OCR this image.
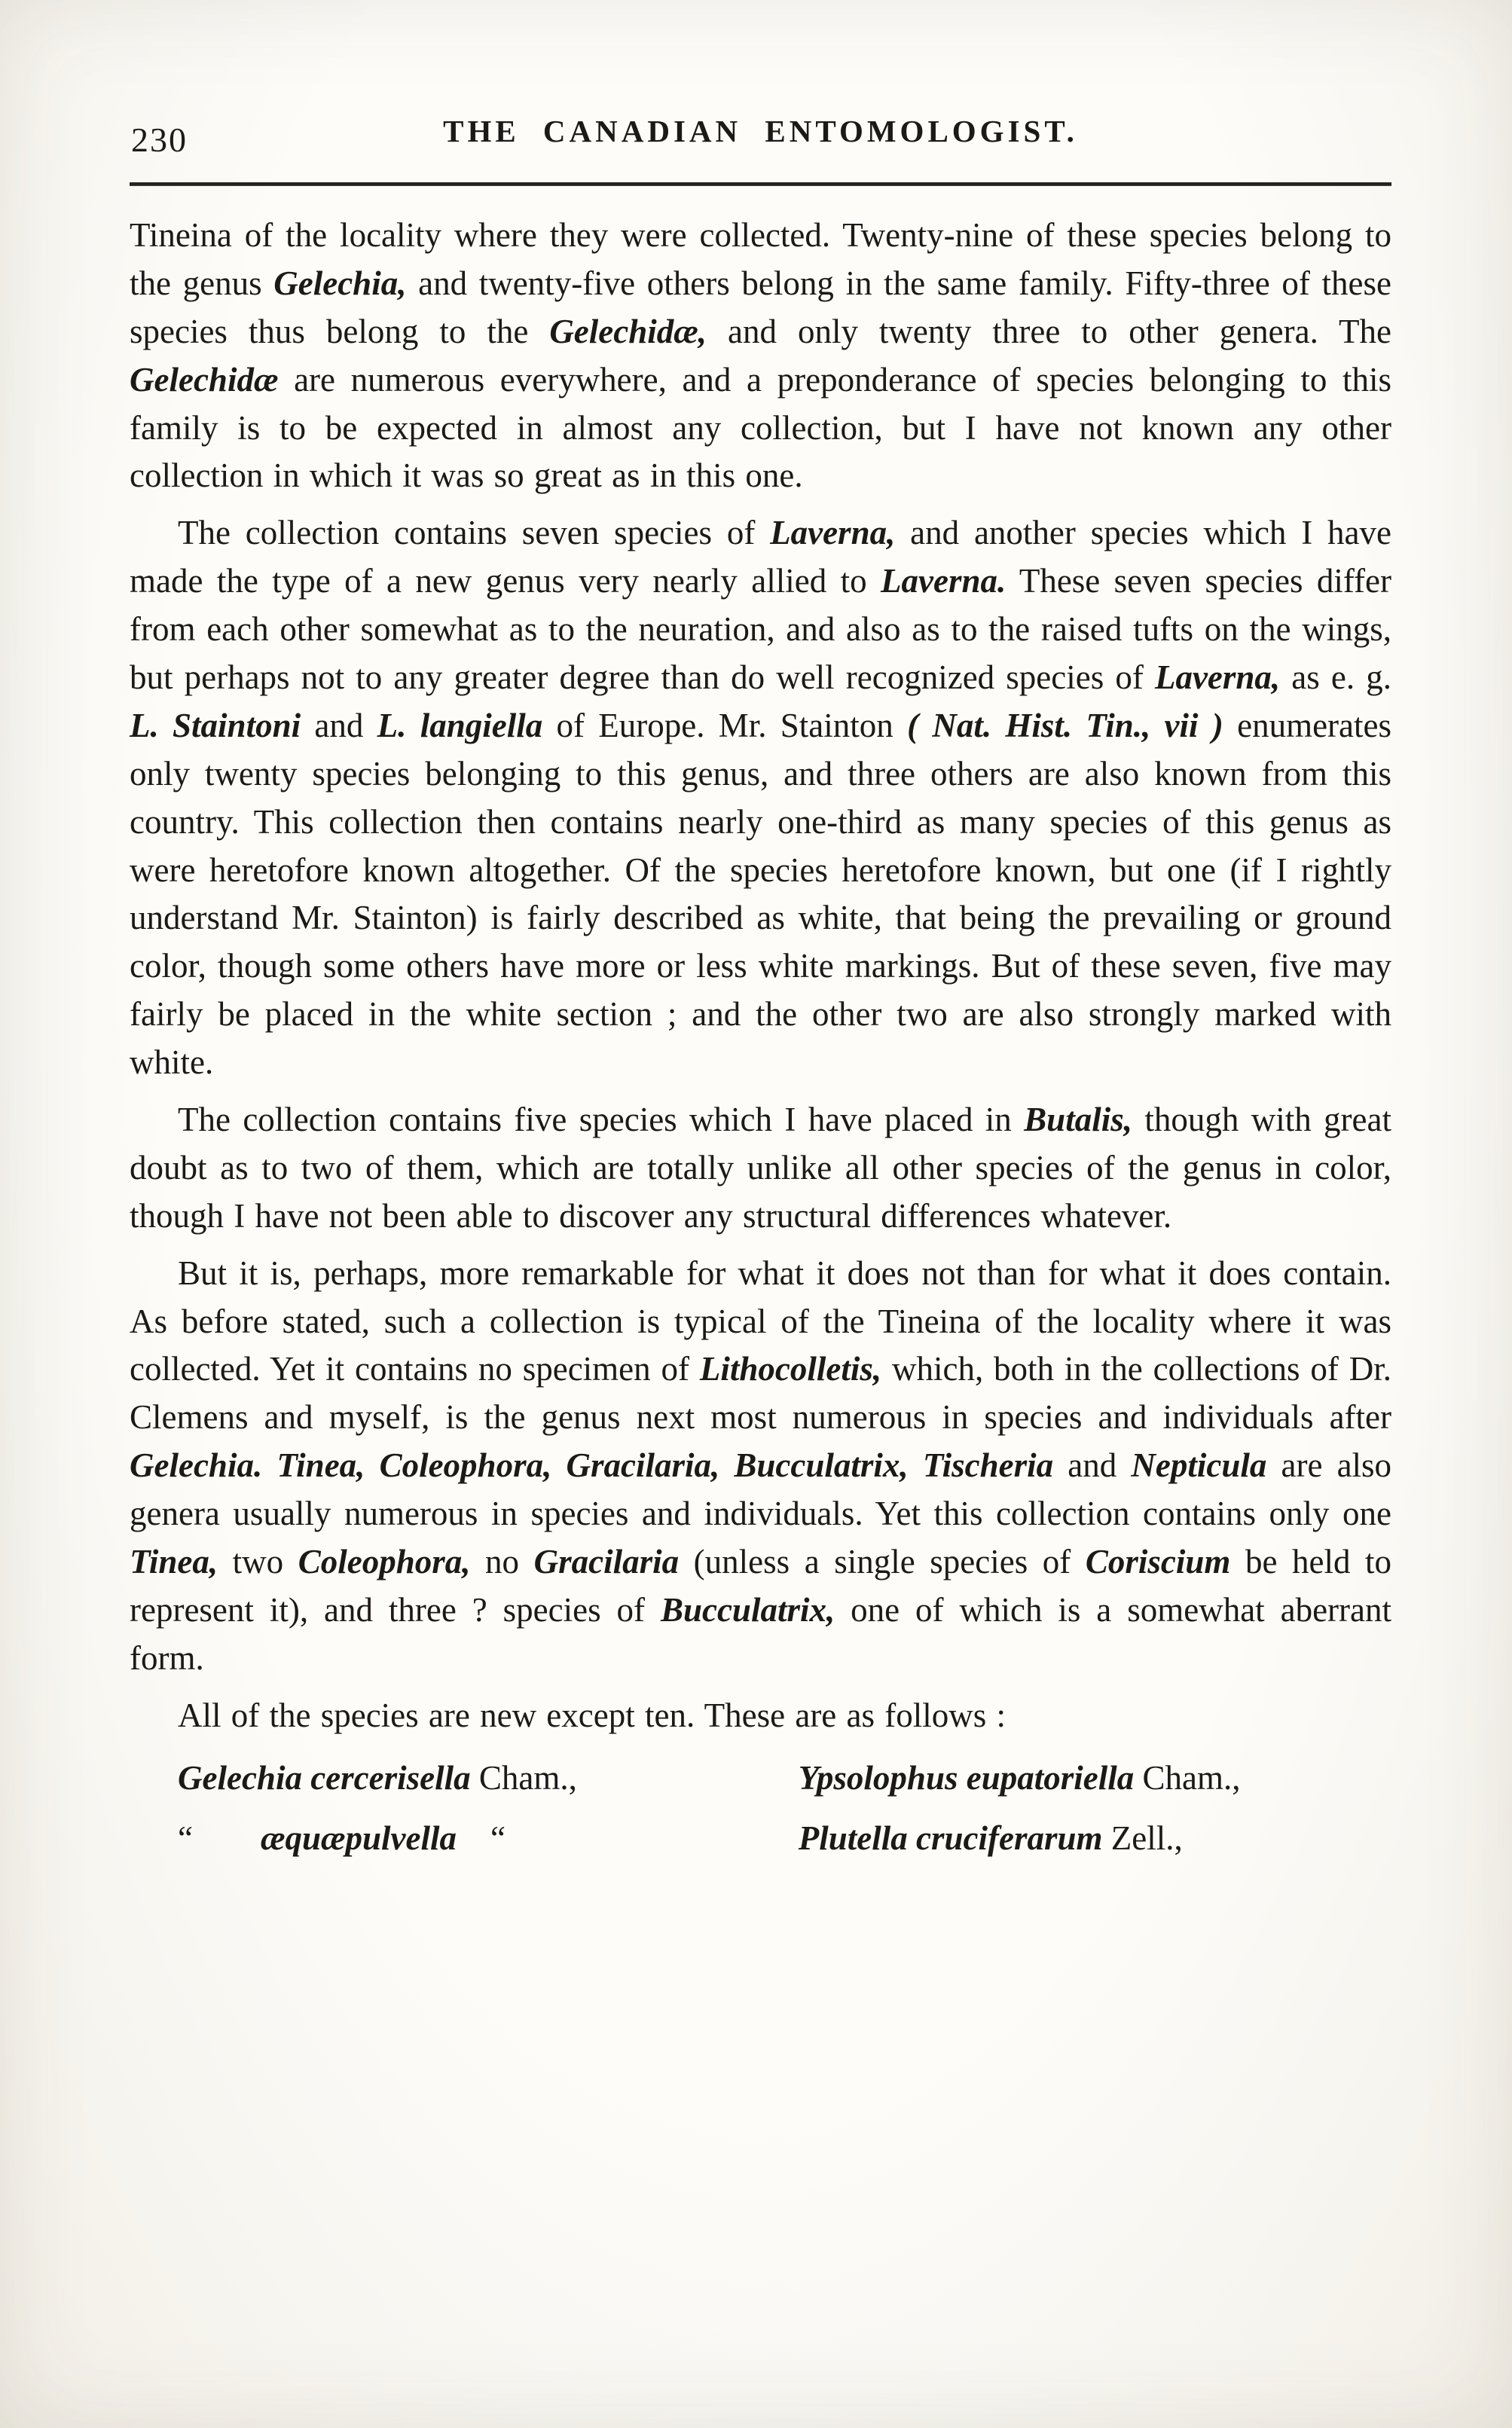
230	THE CANADIAN ENTOMOLOGIST.

Tineina of the locality where they were collected. Twenty-nine of these species belong to the genus Gelechia, and twenty-five others belong in the same family. Fifty-three of these species thus belong to the Gelechidæ, and only twenty three to other genera. The Gelechidæ are numerous everywhere, and a preponderance of species belonging to this family is to be expected in almost any collection, but I have not known any other collection in which it was so great as in this one.

The collection contains seven species of Laverna, and another species which I have made the type of a new genus very nearly allied to Laverna. These seven species differ from each other somewhat as to the neuration, and also as to the raised tufts on the wings, but perhaps not to any greater degree than do well recognized species of Laverna, as e. g. L. Staintoni and L. langiella of Europe. Mr. Stainton ( Nat. Hist. Tin., vii ) enumerates only twenty species belonging to this genus, and three others are also known from this country. This collection then contains nearly one-third as many species of this genus as were heretofore known altogether. Of the species heretofore known, but one (if I rightly understand Mr. Stainton) is fairly described as white, that being the prevailing or ground color, though some others have more or less white markings. But of these seven, five may fairly be placed in the white section ; and the other two are also strongly marked with white.

The collection contains five species which I have placed in Butalis, though with great doubt as to two of them, which are totally unlike all other species of the genus in color, though I have not been able to discover any structural differences whatever.

But it is, perhaps, more remarkable for what it does not than for what it does contain. As before stated, such a collection is typical of the Tineina of the locality where it was collected. Yet it contains no specimen of Lithocolletis, which, both in the collections of Dr. Clemens and myself, is the genus next most numerous in species and individuals after Gelechia. Tinea, Coleophora, Gracilaria, Bucculatrix, Tischeria and Nepticula are also genera usually numerous in species and individuals. Yet this collection contains only one Tinea, two Coleophora, no Gracilaria (unless a single species of Coriscium be held to represent it), and three ? species of Bucculatrix, one of which is a somewhat aberrant form.

All of the species are new except ten. These are as follows :

Gelechia cercerisella Cham.,

“        æquæpulvella    “

Ypsolophus eupatoriella Cham.,

Plutella cruciferarum Zell.,
